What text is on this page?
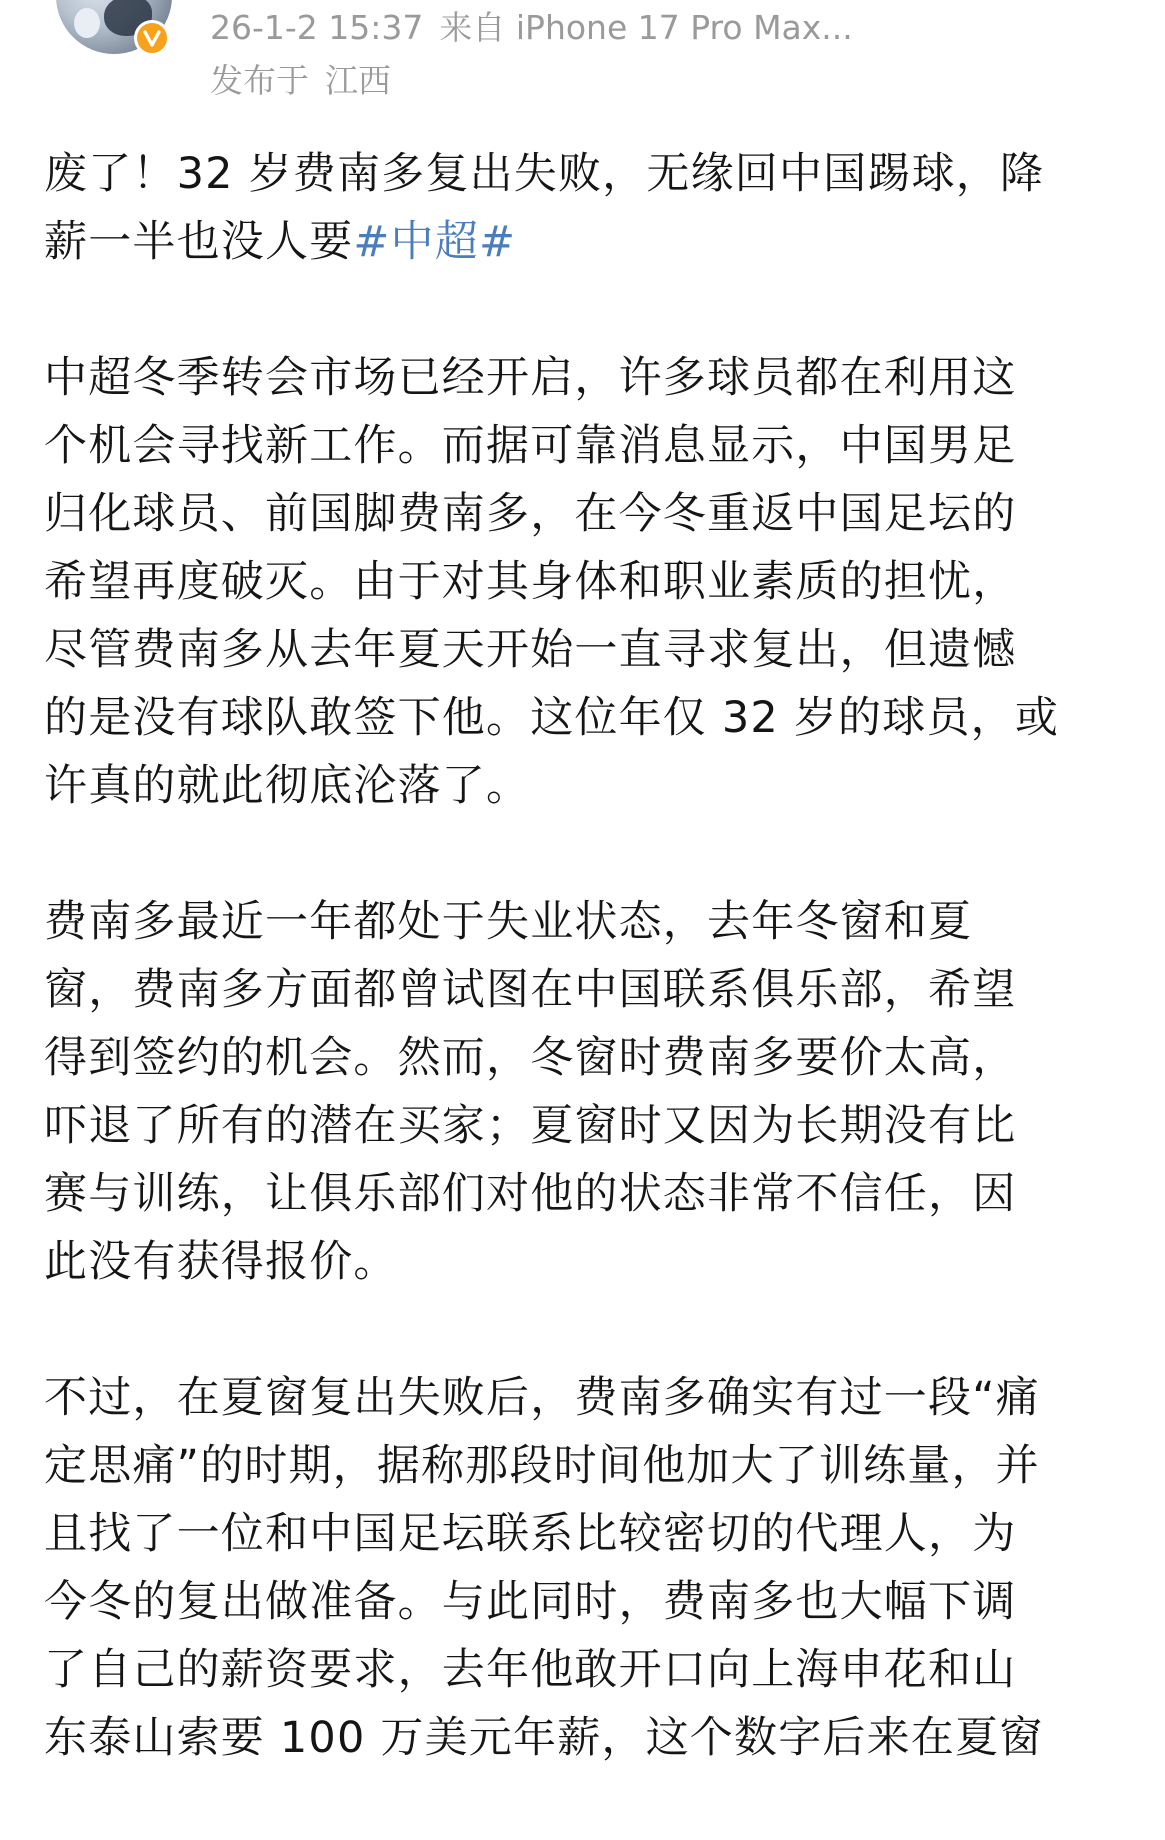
26-1-2 15:37 来自 iPhone 17 Pro Max...
发布于 江西
废了！32 岁费南多复出失败，无缘回中国踢球，降
薪一半也没人要#中超#
中超冬季转会市场已经开启，许多球员都在利用这
个机会寻找新工作。而据可靠消息显示，中国男足
归化球员、前国脚费南多，在今冬重返中国足坛的
希望再度破灭。由于对其身体和职业素质的担忧，
尽管费南多从去年夏天开始一直寻求复出，但遗憾
的是没有球队敢签下他。这位年仅 32 岁的球员，或
许真的就此彻底沦落了。
费南多最近一年都处于失业状态，去年冬窗和夏
窗，费南多方面都曾试图在中国联系俱乐部，希望
得到签约的机会。然而，冬窗时费南多要价太高，
吓退了所有的潜在买家；夏窗时又因为长期没有比
赛与训练，让俱乐部们对他的状态非常不信任，因
此没有获得报价。
不过，在夏窗复出失败后，费南多确实有过一段“痛
定思痛”的时期，据称那段时间他加大了训练量，并
且找了一位和中国足坛联系比较密切的代理人，为
今冬的复出做准备。与此同时，费南多也大幅下调
了自己的薪资要求，去年他敢开口向上海申花和山
东泰山索要 100 万美元年薪，这个数字后来在夏窗
